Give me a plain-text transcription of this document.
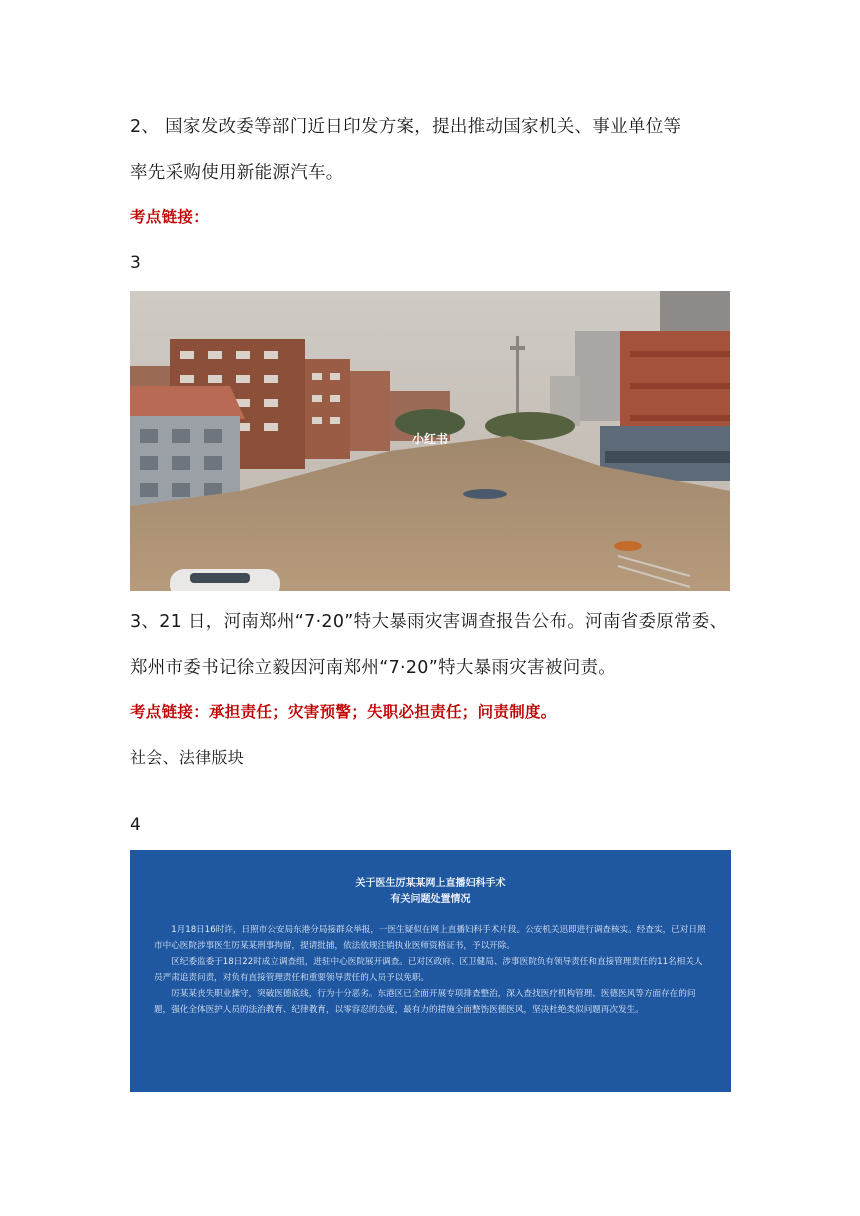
2、 国家发改委等部门近日印发方案，提出推动国家机关、事业单位等
率先采购使用新能源汽车。
考点链接：
3
小红书
3、21 日，河南郑州“7·20”特大暴雨灾害调查报告公布。河南省委原常委、
郑州市委书记徐立毅因河南郑州“7·20”特大暴雨灾害被问责。
考点链接：承担责任；灾害预警；失职必担责任；问责制度。
社会、法律版块
4
关于医生厉某某网上直播妇科手术
有关问题处置情况

1月18日16时许，日照市公安局东港分局接群众举报，一医生疑似在网上直播妇科手术片段。公安机关迅即进行调查核实。经查实，已对日照市中心医院涉事医生厉某某刑事拘留，提请批捕，依法依规注销执业医师资格证书，予以开除。

区纪委监委于18日22时成立调查组，进驻中心医院展开调查。已对区政府、区卫健局、涉事医院负有领导责任和直接管理责任的11名相关人员严肃追责问责，对负有直接管理责任和重要领导责任的人员予以免职。

厉某某丧失职业操守，突破医德底线，行为十分恶劣。东港区已全面开展专项排查整治，深入查找医疗机构管理、医德医风等方面存在的问题，强化全体医护人员的法治教育、纪律教育，以零容忍的态度，最有力的措施全面整饬医德医风，坚决杜绝类似问题再次发生。
